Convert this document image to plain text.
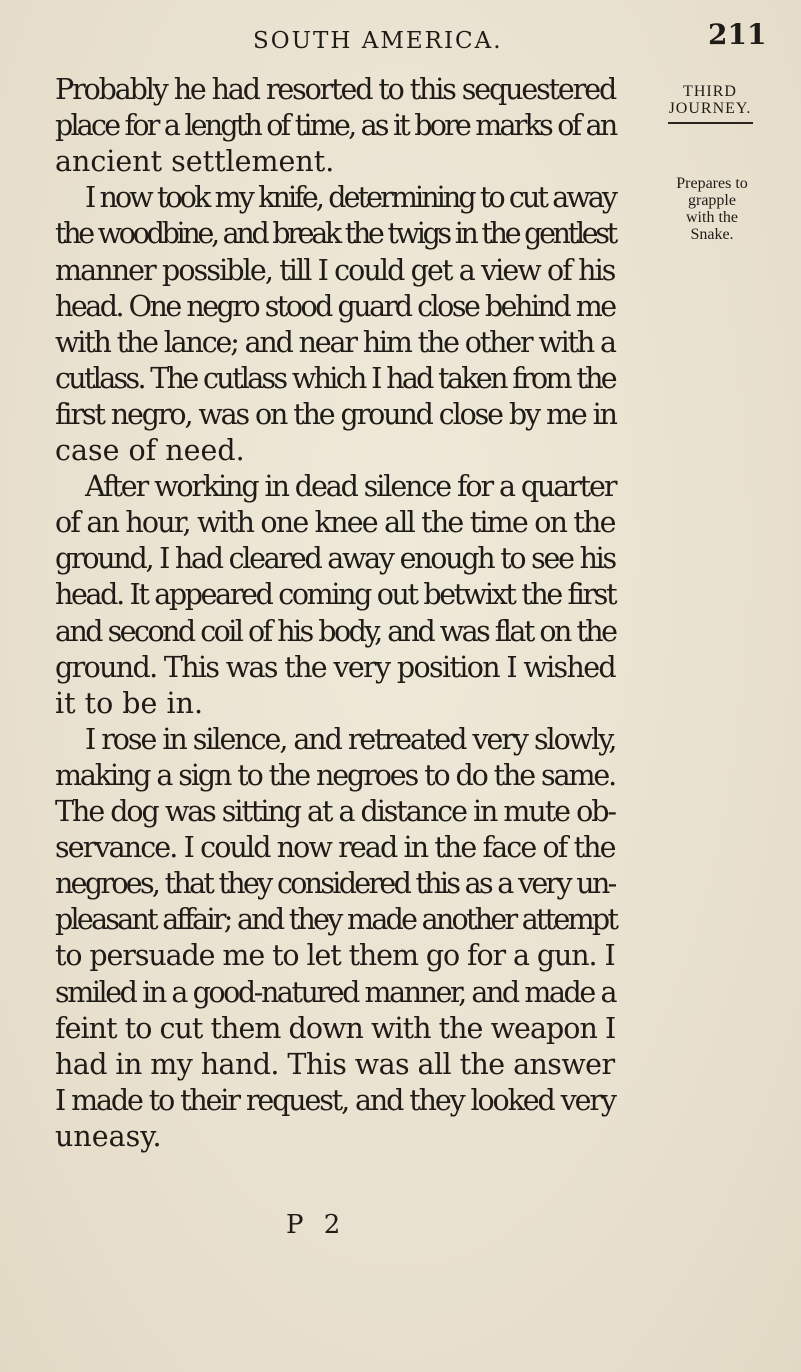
SOUTH AMERICA.	211
THIRD
JOURNEY.
Prepares to
grapple
with the
Snake.
Probably he had resorted to this sequestered
place for a length of time, as it bore marks of an
ancient settlement.
I now took my knife, determining to cut away
the woodbine, and break the twigs in the gentlest
manner possible, till I could get a view of his
head. One negro stood guard close behind me
with the lance; and near him the other with a
cutlass. The cutlass which I had taken from the
first negro, was on the ground close by me in
case of need.
After working in dead silence for a quarter
of an hour, with one knee all the time on the
ground, I had cleared away enough to see his
head. It appeared coming out betwixt the first
and second coil of his body, and was flat on the
ground. This was the very position I wished
it to be in.
I rose in silence, and retreated very slowly,
making a sign to the negroes to do the same.
The dog was sitting at a distance in mute ob-
servance. I could now read in the face of the
negroes, that they considered this as a very un-
pleasant affair; and they made another attempt
to persuade me to let them go for a gun. I
smiled in a good-natured manner, and made a
feint to cut them down with the weapon I
had in my hand. This was all the answer
I made to their request, and they looked very
uneasy.
P 2
